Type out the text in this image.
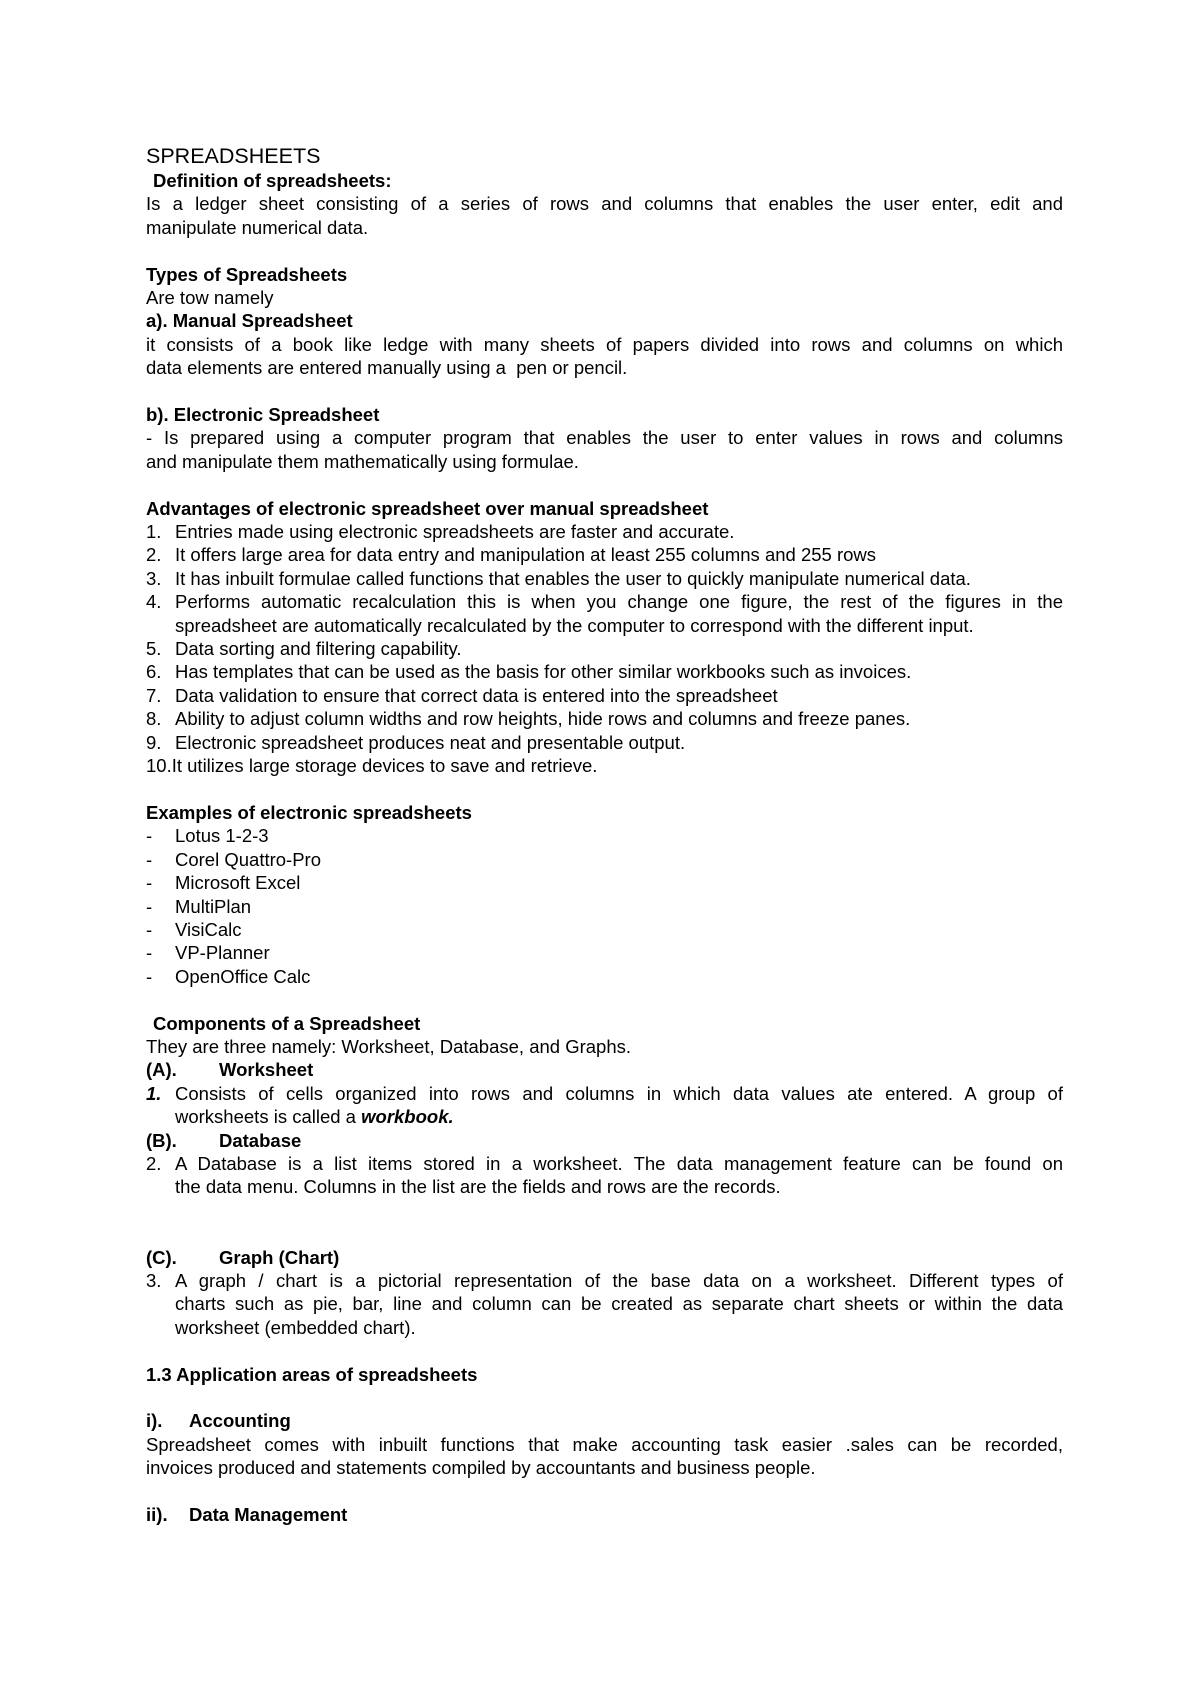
SPREADSHEETS
Definition of spreadsheets:
Is a ledger sheet consisting of a series of rows and columns that enables the user enter, edit and
manipulate numerical data.
Types of Spreadsheets
Are tow namely
a). Manual Spreadsheet
it consists of a book like ledge with many sheets of papers divided into rows and columns on which
data elements are entered manually using a  pen or pencil.
b). Electronic Spreadsheet
- Is prepared using a computer program that enables the user to enter values in rows and columns
and manipulate them mathematically using formulae.
Advantages of electronic spreadsheet over manual spreadsheet
1. Entries made using electronic spreadsheets are faster and accurate.
2. It offers large area for data entry and manipulation at least 255 columns and 255 rows
3. It has inbuilt formulae called functions that enables the user to quickly manipulate numerical data.
4. Performs automatic recalculation this is when you change one figure, the rest of the figures in the
spreadsheet are automatically recalculated by the computer to correspond with the different input.
5. Data sorting and filtering capability.
6. Has templates that can be used as the basis for other similar workbooks such as invoices.
7. Data validation to ensure that correct data is entered into the spreadsheet
8. Ability to adjust column widths and row heights, hide rows and columns and freeze panes.
9. Electronic spreadsheet produces neat and presentable output.
10. It utilizes large storage devices to save and retrieve.
Examples of electronic spreadsheets
-	Lotus 1-2-3
-	Corel Quattro-Pro
-	Microsoft Excel
-	MultiPlan
-	VisiCalc
-	VP-Planner
-	OpenOffice Calc
Components of a Spreadsheet
They are three namely: Worksheet, Database, and Graphs.
(A).	Worksheet
1. Consists of cells organized into rows and columns in which data values ate entered. A group of
worksheets is called a workbook.
(B).	Database
2. A Database is a list items stored in a worksheet. The data management feature can be found on
the data menu. Columns in the list are the fields and rows are the records.
(C).	Graph (Chart)
3. A graph / chart is a pictorial representation of the base data on a worksheet. Different types of
charts such as pie, bar, line and column can be created as separate chart sheets or within the data
worksheet (embedded chart).
1.3 Application areas of spreadsheets
i).	Accounting
Spreadsheet comes with inbuilt functions that make accounting task easier .sales can be recorded,
invoices produced and statements compiled by accountants and business people.
ii).	Data Management
